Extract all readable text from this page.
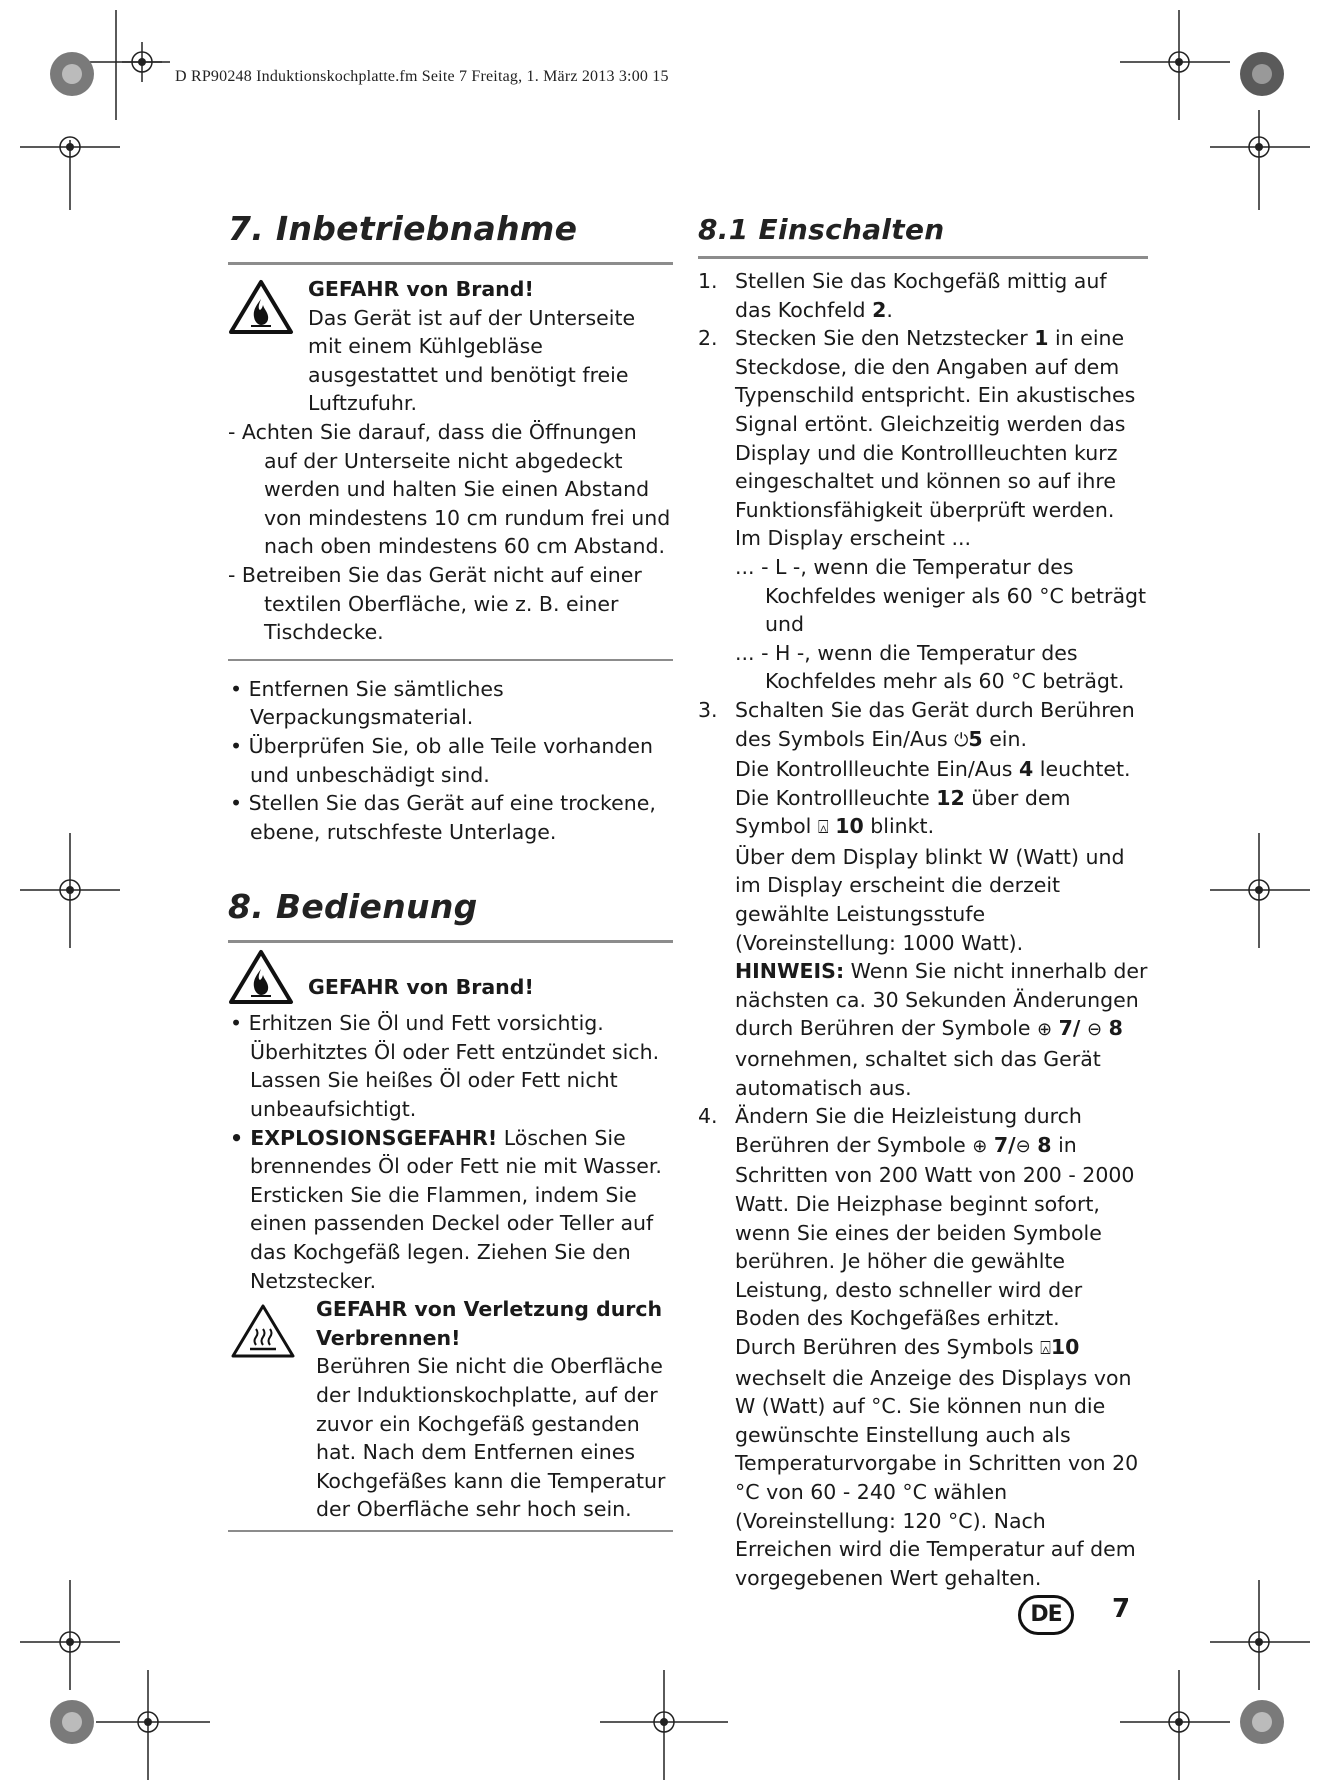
D RP90248 Induktionskochplatte.fm Seite 7 Freitag, 1. März 2013 3:00 15
7. Inbetriebnahme

GEFAHR von Brand!

Das Gerät ist auf der Unterseite mit einem Kühlgebläse ausgestattet und benötigt freie Luftzufuhr.

- Achten Sie darauf, dass die Öffnungen auf der Unterseite nicht abgedeckt werden und halten Sie einen Abstand von mindestens 10 cm rundum frei und nach oben mindestens 60 cm Abstand.

- Betreiben Sie das Gerät nicht auf einer textilen Oberfläche, wie z. B. einer Tischdecke.

• Entfernen Sie sämtliches Verpackungsmaterial.

• Überprüfen Sie, ob alle Teile vorhanden und unbeschädigt sind.

• Stellen Sie das Gerät auf eine trockene, ebene, rutschfeste Unterlage.

8. Bedienung

GEFAHR von Brand!

• Erhitzen Sie Öl und Fett vorsichtig. Überhitztes Öl oder Fett entzündet sich. Lassen Sie heißes Öl oder Fett nicht unbeaufsichtigt.

• EXPLOSIONSGEFAHR! Löschen Sie brennendes Öl oder Fett nie mit Wasser. Ersticken Sie die Flammen, indem Sie einen passenden Deckel oder Teller auf das Kochgefäß legen. Ziehen Sie den Netzstecker.

GEFAHR von Verletzung durch Verbrennen!

Berühren Sie nicht die Oberfläche der Induktionskochplatte, auf der zuvor ein Kochgefäß gestanden hat. Nach dem Entfernen eines Kochgefäßes kann die Temperatur der Oberfläche sehr hoch sein.

8.1 Einschalten
1. Stellen Sie das Kochgefäß mittig auf das Kochfeld 2.
2. Stecken Sie den Netzstecker 1 in eine Steckdose, die den Angaben auf dem Typenschild entspricht. Ein akustisches Signal ertönt. Gleichzeitig werden das Display und die Kontrollleuchten kurz eingeschaltet und können so auf ihre Funktionsfähigkeit überprüft werden.

Im Display erscheint ...

... - L -, wenn die Temperatur des Kochfeldes weniger als 60 °C beträgt und

... - H -, wenn die Temperatur des Kochfeldes mehr als 60 °C beträgt.

3. Schalten Sie das Gerät durch Berühren des Symbols Ein/Aus ⏻5 ein.

Die Kontrollleuchte Ein/Aus 4 leuchtet.

Die Kontrollleuchte 12 über dem Symbol ⍓ 10 blinkt.

Über dem Display blinkt W (Watt) und im Display erscheint die derzeit gewählte Leistungsstufe (Voreinstellung: 1000 Watt).

HINWEIS: Wenn Sie nicht innerhalb der nächsten ca. 30 Sekunden Änderungen durch Berühren der Symbole ⊕ 7/ ⊖ 8 vornehmen, schaltet sich das Gerät automatisch aus.

4. Ändern Sie die Heizleistung durch Berühren der Symbole ⊕ 7/⊖ 8 in Schritten von 200 Watt von 200 - 2000 Watt. Die Heizphase beginnt sofort, wenn Sie eines der beiden Symbole berühren. Je höher die gewählte Leistung, desto schneller wird der Boden des Kochgefäßes erhitzt.

Durch Berühren des Symbols ⍓10 wechselt die Anzeige des Displays von W (Watt) auf °C. Sie können nun die gewünschte Einstellung auch als Temperaturvorgabe in Schritten von 20 °C von 60 - 240 °C wählen (Voreinstellung: 120 °C). Nach Erreichen wird die Temperatur auf dem vorgegebenen Wert gehalten.

DE	7
